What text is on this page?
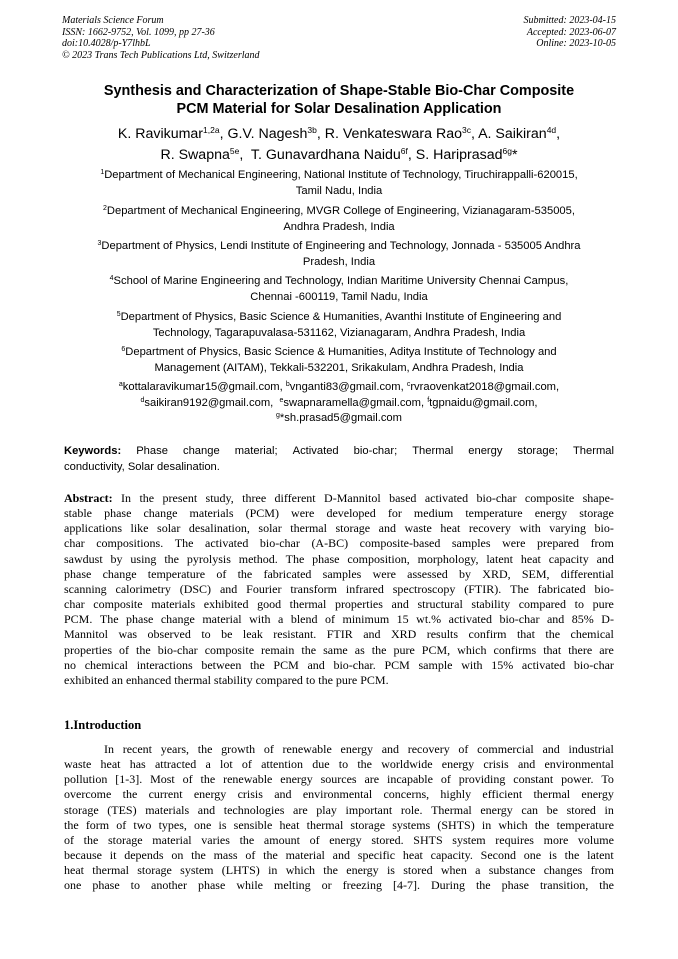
Materials Science Forum
ISSN: 1662-9752, Vol. 1099, pp 27-36
doi:10.4028/p-Y7lhbL
© 2023 Trans Tech Publications Ltd, Switzerland
Submitted: 2023-04-15
Accepted: 2023-06-07
Online: 2023-10-05
Synthesis and Characterization of Shape-Stable Bio-Char Composite
PCM Material for Solar Desalination Application
K. Ravikumar$^{1,2a}$, G.V. Nagesh$^{3b}$, R. Venkateswara Rao$^{3c}$, A. Saikiran$^{4d}$,
R. Swapna$^{5e}$,  T. Gunavardhana Naidu$^{6f}$, S. Hariprasad$^{6g}$*
$^1$Department of Mechanical Engineering, National Institute of Technology, Tiruchirappalli-620015,
Tamil Nadu, India
$^2$Department of Mechanical Engineering, MVGR College of Engineering, Vizianagaram-535005,
Andhra Pradesh, India
$^3$Department of Physics, Lendi Institute of Engineering and Technology, Jonnada - 535005 Andhra
Pradesh, India
$^4$School of Marine Engineering and Technology, Indian Maritime University Chennai Campus,
Chennai -600119, Tamil Nadu, India
$^5$Department of Physics, Basic Science & Humanities, Avanthi Institute of Engineering and
Technology, Tagarapuvalasa-531162, Vizianagaram, Andhra Pradesh, India
$^6$Department of Physics, Basic Science & Humanities, Aditya Institute of Technology and
Management (AITAM), Tekkali-532201, Srikakulam, Andhra Pradesh, India
$^a$kottalaravikumar15@gmail.com, $^b$vnganti83@gmail.com, $^c$rvraovenkat2018@gmail.com,
$^d$saikiran9192@gmail.com,  $^e$swapnaramella@gmail.com, $^f$tgpnaidu@gmail.com,
$^g$*sh.prasad5@gmail.com
Keywords: Phase change material; Activated bio-char; Thermal energy storage; Thermal
conductivity, Solar desalination.
Abstract: In the present study, three different D-Mannitol based activated bio-char composite shape-
stable phase change materials (PCM) were developed for medium temperature energy storage
applications like solar desalination, solar thermal storage and waste heat recovery with varying bio-
char compositions. The activated bio-char (A-BC) composite-based samples were prepared from
sawdust by using the pyrolysis method. The phase composition, morphology, latent heat capacity and
phase change temperature of the fabricated samples were assessed by XRD, SEM, differential
scanning calorimetry (DSC) and Fourier transform infrared spectroscopy (FTIR). The fabricated bio-
char composite materials exhibited good thermal properties and structural stability compared to pure
PCM. The phase change material with a blend of minimum 15 wt.% activated bio-char and 85% D-
Mannitol was observed to be leak resistant. FTIR and XRD results confirm that the chemical
properties of the bio-char composite remain the same as the pure PCM, which confirms that there are
no chemical interactions between the PCM and bio-char. PCM sample with 15% activated bio-char
exhibited an enhanced thermal stability compared to the pure PCM.
1.Introduction
In recent years, the growth of renewable energy and recovery of commercial and industrial
waste heat has attracted a lot of attention due to the worldwide energy crisis and environmental
pollution [1-3]. Most of the renewable energy sources are incapable of providing constant power. To
overcome the current energy crisis and environmental concerns, highly efficient thermal energy
storage (TES) materials and technologies are play important role. Thermal energy can be stored in
the form of two types, one is sensible heat thermal storage systems (SHTS) in which the temperature
of the storage material varies the amount of energy stored. SHTS system requires more volume
because it depends on the mass of the material and specific heat capacity. Second one is the latent
heat thermal storage system (LHTS) in which the energy is stored when a substance changes from
one phase to another phase while melting or freezing [4-7]. During the phase transition, the
